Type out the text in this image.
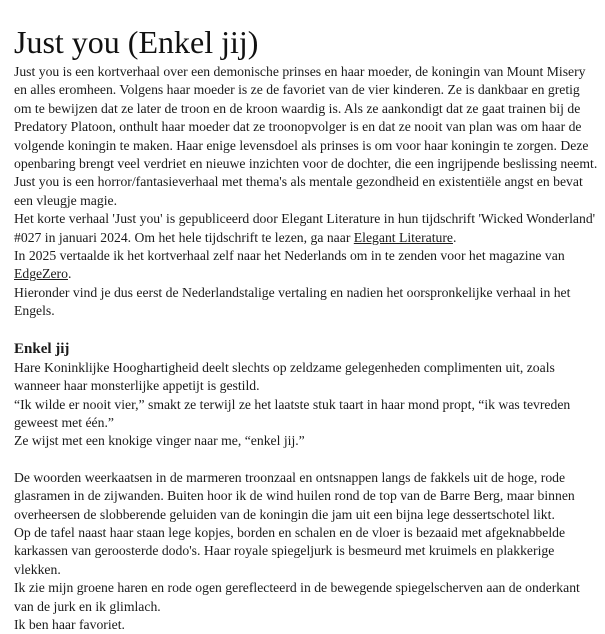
Just you (Enkel jij)

Just you is een kortverhaal over een demonische prinses en haar moeder, de koningin van Mount Misery en alles eromheen. Volgens haar moeder is ze de favoriet van de vier kinderen. Ze is dankbaar en gretig om te bewijzen dat ze later de troon en de kroon waardig is. Als ze aankondigt dat ze gaat trainen bij de Predatory Platoon, onthult haar moeder dat ze troonopvolger is en dat ze nooit van plan was om haar de volgende koningin te maken. Haar enige levensdoel als prinses is om voor haar koningin te zorgen. Deze openbaring brengt veel verdriet en nieuwe inzichten voor de dochter, die een ingrijpende beslissing neemt.

Just you is een horror/fantasieverhaal met thema's als mentale gezondheid en existentiële angst en bevat een vleugje magie.

Het korte verhaal 'Just you' is gepubliceerd door Elegant Literature in hun tijdschrift 'Wicked Wonderland' #027 in januari 2024. Om het hele tijdschrift te lezen, ga naar Elegant Literature.

In 2025 vertaalde ik het kortverhaal zelf naar het Nederlands om in te zenden voor het magazine van EdgeZero.

Hieronder vind je dus eerst de Nederlandstalige vertaling en nadien het oorspronkelijke verhaal in het Engels.

Enkel jij

Hare Koninklijke Hooghartigheid deelt slechts op zeldzame gelegenheden complimenten uit, zoals wanneer haar monsterlijke appetijt is gestild.

“Ik wilde er nooit vier,” smakt ze terwijl ze het laatste stuk taart in haar mond propt, “ik was tevreden geweest met één.”

Ze wijst met een knokige vinger naar me, “enkel jij.”

De woorden weerkaatsen in de marmeren troonzaal en ontsnappen langs de fakkels uit de hoge, rode glasramen in de zijwanden. Buiten hoor ik de wind huilen rond de top van de Barre Berg, maar binnen overheersen de slobberende geluiden van de koningin die jam uit een bijna lege dessertschotel likt.

Op de tafel naast haar staan lege kopjes, borden en schalen en de vloer is bezaaid met afgeknabbelde karkassen van geroosterde dodo's. Haar royale spiegeljurk is besmeurd met kruimels en plakkerige vlekken.

Ik zie mijn groene haren en rode ogen gereflecteerd in de bewegende spiegelscherven aan de onderkant van de jurk en ik glimlach.

Ik ben haar favoriet.
